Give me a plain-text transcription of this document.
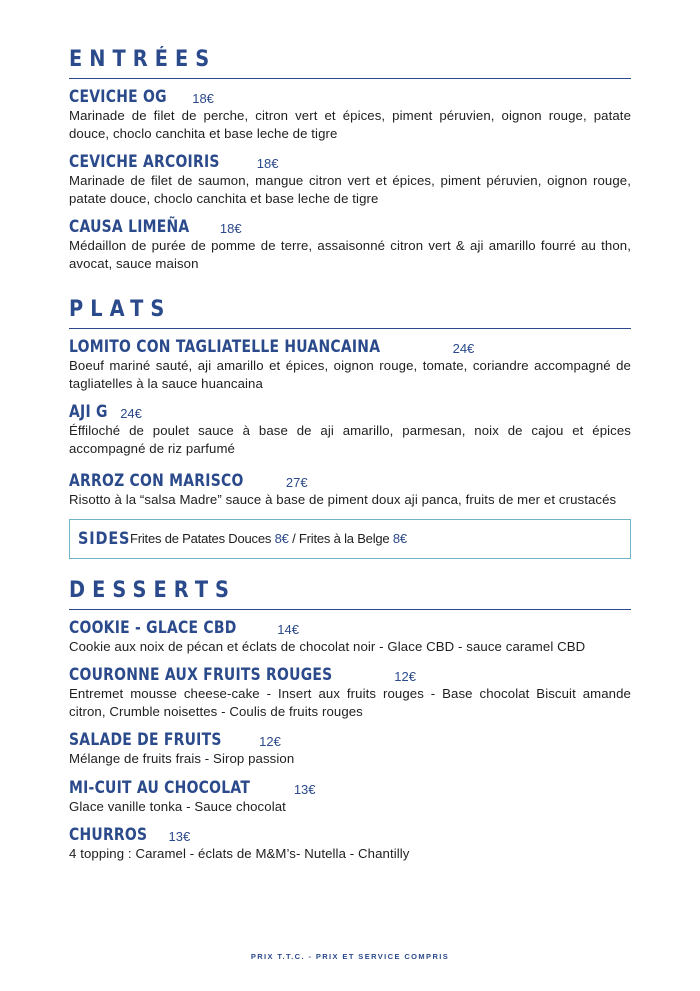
ENTRÉES
CEVICHE OG 18€
Marinade de filet de perche, citron vert et épices, piment péruvien, oignon rouge, patate douce, choclo canchita et base leche de tigre
CEVICHE ARCOIRIS	18€
Marinade de filet de saumon, mangue citron vert et épices, piment péruvien, oignon rouge, patate douce, choclo canchita et base leche de tigre
CAUSA LIMEÑA 18€
Médaillon de purée de pomme de terre, assaisonné citron vert & aji amarillo fourré au thon, avocat, sauce maison
PLATS
LOMITO CON TAGLIATELLE HUANCAINA	24€
Boeuf mariné sauté, aji amarillo et épices, oignon rouge, tomate, coriandre accompagné de tagliatelles à la sauce huancaina
AJI G 24€
Éffiloché de poulet sauce à base de aji amarillo, parmesan, noix de cajou et épices accompagné de riz parfumé
ARROZ CON MARISCO	27€
Risotto à la “salsa Madre” sauce à base de piment doux aji panca, fruits de mer et crustacés
SIDES Frites de Patates Douces 8€ / Frites à la Belge 8€
DESSERTS
COOKIE - GLACE CBD	14€
Cookie aux noix de pécan et éclats de chocolat noir - Glace CBD - sauce caramel CBD
COURONNE AUX FRUITS ROUGES	12€
Entremet mousse cheese-cake - Insert aux fruits rouges - Base chocolat Biscuit amande citron, Crumble noisettes - Coulis de fruits rouges
SALADE DE FRUITS	12€
Mélange de fruits frais - Sirop passion
MI-CUIT AU CHOCOLAT	13€
Glace vanille tonka - Sauce chocolat
CHURROS 13€
4 topping : Caramel - éclats de M&M’s- Nutella - Chantilly
PRIX T.T.C. - PRIX ET SERVICE COMPRIS
